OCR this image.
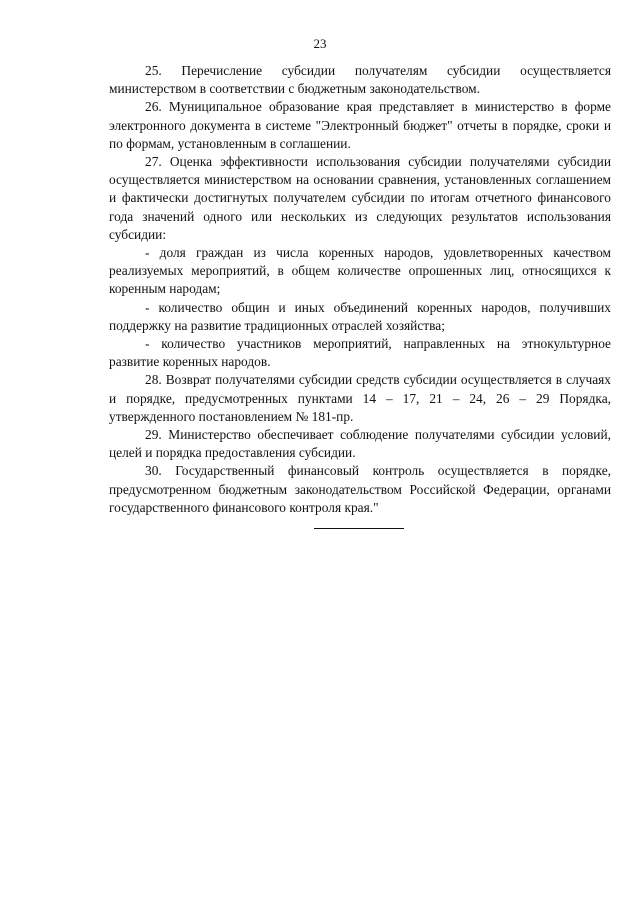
23

25. Перечисление субсидии получателям субсидии осуществляется министерством в соответствии с бюджетным законодательством.

26. Муниципальное образование края представляет в министерство в форме электронного документа в системе "Электронный бюджет" отчеты в порядке, сроки и по формам, установленным в соглашении.

27. Оценка эффективности использования субсидии получателями субсидии осуществляется министерством на основании сравнения, установленных соглашением и фактически достигнутых получателем субсидии по итогам отчетного финансового года значений одного или нескольких из следующих результатов использования субсидии:

- доля граждан из числа коренных народов, удовлетворенных качеством реализуемых мероприятий, в общем количестве опрошенных лиц, относящихся к коренным народам;

- количество общин и иных объединений коренных народов, получивших поддержку на развитие традиционных отраслей хозяйства;

- количество участников мероприятий, направленных на этнокультурное развитие коренных народов.

28. Возврат получателями субсидии средств субсидии осуществляется в случаях и порядке, предусмотренных пунктами 14 – 17, 21 – 24, 26 – 29 Порядка, утвержденного постановлением № 181-пр.

29. Министерство обеспечивает соблюдение получателями субсидии условий, целей и порядка предоставления субсидии.

30. Государственный финансовый контроль осуществляется в порядке, предусмотренном бюджетным законодательством Российской Федерации, органами государственного финансового контроля края."
